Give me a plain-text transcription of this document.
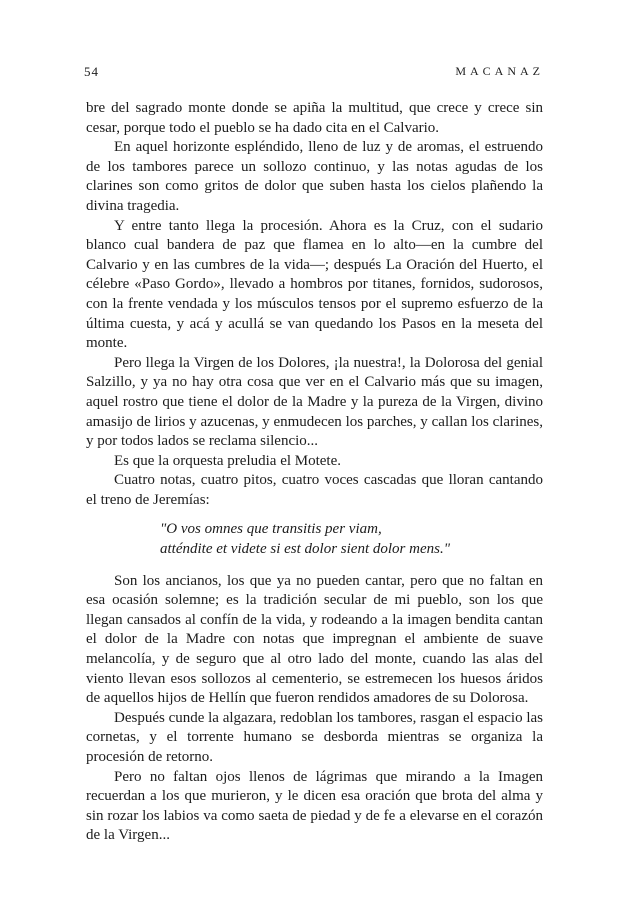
54	MACANAZ

bre del sagrado monte donde se apiña la multitud, que crece y crece sin cesar, porque todo el pueblo se ha dado cita en el Calvario.

En aquel horizonte espléndido, lleno de luz y de aromas, el estruendo de los tambores parece un sollozo continuo, y las notas agudas de los clarines son como gritos de dolor que suben hasta los cielos plañendo la divina tragedia.

Y entre tanto llega la procesión. Ahora es la Cruz, con el sudario blanco cual bandera de paz que flamea en lo alto—en la cumbre del Calvario y en las cumbres de la vida—; después La Oración del Huerto, el célebre «Paso Gordo», llevado a hombros por titanes, fornidos, sudorosos, con la frente vendada y los músculos tensos por el supremo esfuerzo de la última cuesta, y acá y acullá se van quedando los Pasos en la meseta del monte.

Pero llega la Virgen de los Dolores, ¡la nuestra!, la Dolorosa del genial Salzillo, y ya no hay otra cosa que ver en el Calvario más que su imagen, aquel rostro que tiene el dolor de la Madre y la pureza de la Virgen, divino amasijo de lirios y azucenas, y enmudecen los parches, y callan los clarines, y por todos lados se reclama silencio...

Es que la orquesta preludia el Motete.

Cuatro notas, cuatro pitos, cuatro voces cascadas que lloran cantando el treno de Jeremías:

"O vos omnes que transitis per viam,
atténdite et videte si est dolor sient dolor mens."

Son los ancianos, los que ya no pueden cantar, pero que no faltan en esa ocasión solemne; es la tradición secular de mi pueblo, son los que llegan cansados al confín de la vida, y rodeando a la imagen bendita cantan el dolor de la Madre con notas que impregnan el ambiente de suave melancolía, y de seguro que al otro lado del monte, cuando las alas del viento llevan esos sollozos al cementerio, se estremecen los huesos áridos de aquellos hijos de Hellín que fueron rendidos amadores de su Dolorosa.

Después cunde la algazara, redoblan los tambores, rasgan el espacio las cornetas, y el torrente humano se desborda mientras se organiza la procesión de retorno.

Pero no faltan ojos llenos de lágrimas que mirando a la Imagen recuerdan a los que murieron, y le dicen esa oración que brota del alma y sin rozar los labios va como saeta de piedad y de fe a elevarse en el corazón de la Virgen...
